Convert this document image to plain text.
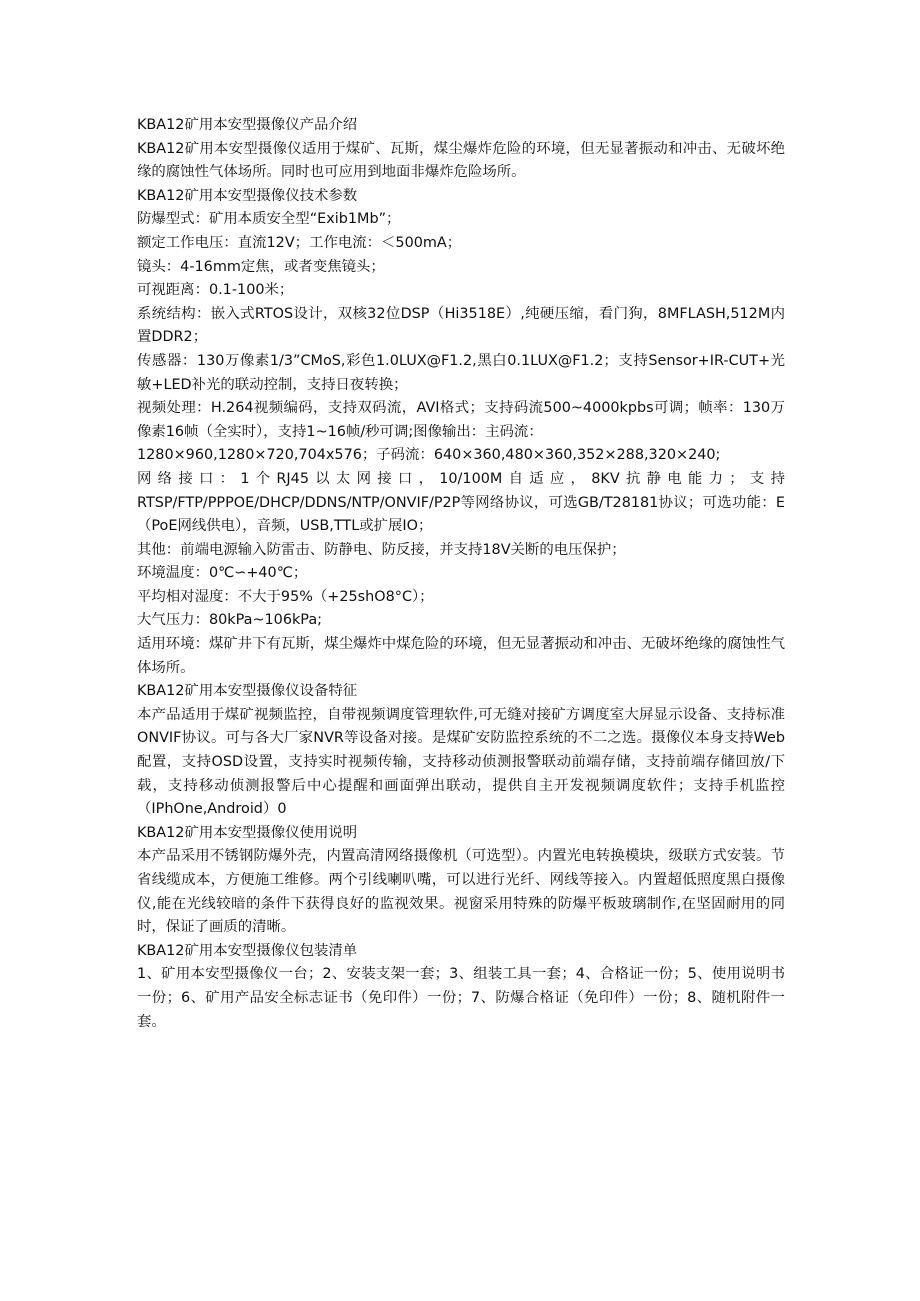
KBA12矿用本安型摄像仪产品介绍

KBA12矿用本安型摄像仪适用于煤矿、瓦斯，煤尘爆炸危险的环境，但无显著振动和冲击、无破坏绝缘的腐蚀性气体场所。同时也可应用到地面非爆炸危险场所。

KBA12矿用本安型摄像仪技术参数

防爆型式：矿用本质安全型“Exib1Mb”；

额定工作电压：直流12V；工作电流：＜500mA；

镜头：4-16mm定焦，或者变焦镜头；

可视距离：0.1-100米；

系统结构：嵌入式RTOS设计，双核32位DSP（Hi3518E）,纯硬压缩，看门狗，8MFLASH,512M内置DDR2；

传感器：130万像素1/3”CMoS,彩色1.0LUX@F1.2,黑白0.1LUX@F1.2；支持Sensor+IR-CUT+光敏+LED补光的联动控制，支持日夜转换；

视频处理：H.264视频编码，支持双码流，AVI格式；支持码流500~4000kpbs可调；帧率：130万像素16帧（全实时），支持1~16帧/秒可调;图像输出：主码流：

1280×960,1280×720,704x576；子码流：640×360,480×360,352×288,320×240;

网络接口：1个RJ45以太网接口，10/100M自适应，8KV抗静电能力；支持RTSP∕FTP∕PPPOE∕DHCP∕DDNS∕NTP∕ONVIF∕P2P等网络协议，可选GB/T28181协议；可选功能：E（PoE网线供电），音频，USB,TTL或扩展IO；

其他：前端电源输入防雷击、防静电、防反接，并支持18V关断的电压保护；

环境温度：0℃∽+40℃；

平均相对湿度：不大于95%（+25shO8°C）；

大气压力：80kPa~106kPa;

适用环境：煤矿井下有瓦斯，煤尘爆炸中煤危险的环境，但无显著振动和冲击、无破坏绝缘的腐蚀性气体场所。

KBA12矿用本安型摄像仪设备特征

本产品适用于煤矿视频监控，自带视频调度管理软件,可无缝对接矿方调度室大屏显示设备、支持标准ONVIF协议。可与各大厂家NVR等设备对接。是煤矿安防监控系统的不二之选。摄像仪本身支持Web配置，支持OSD设置，支持实时视频传输，支持移动侦测报警联动前端存储，支持前端存储回放/下载，支持移动侦测报警后中心提醒和画面弹出联动，提供自主开发视频调度软件；支持手机监控（IPhOne,Android）0

KBA12矿用本安型摄像仪使用说明

本产品采用不锈钢防爆外壳，内置高清网络摄像机（可选型）。内置光电转换模块，级联方式安装。节省线缆成本，方便施工维修。两个引线喇叭嘴，可以进行光纤、网线等接入。内置超低照度黑白摄像仪,能在光线较暗的条件下获得良好的监视效果。视窗采用特殊的防爆平板玻璃制作,在坚固耐用的同时，保证了画质的清晰。

KBA12矿用本安型摄像仪包装清单

1、矿用本安型摄像仪一台；2、安装支架一套；3、组装工具一套；4、合格证一份；5、使用说明书一份；6、矿用产品安全标志证书（免印件）一份；7、防爆合格证（免印件）一份；8、随机附件一套。
